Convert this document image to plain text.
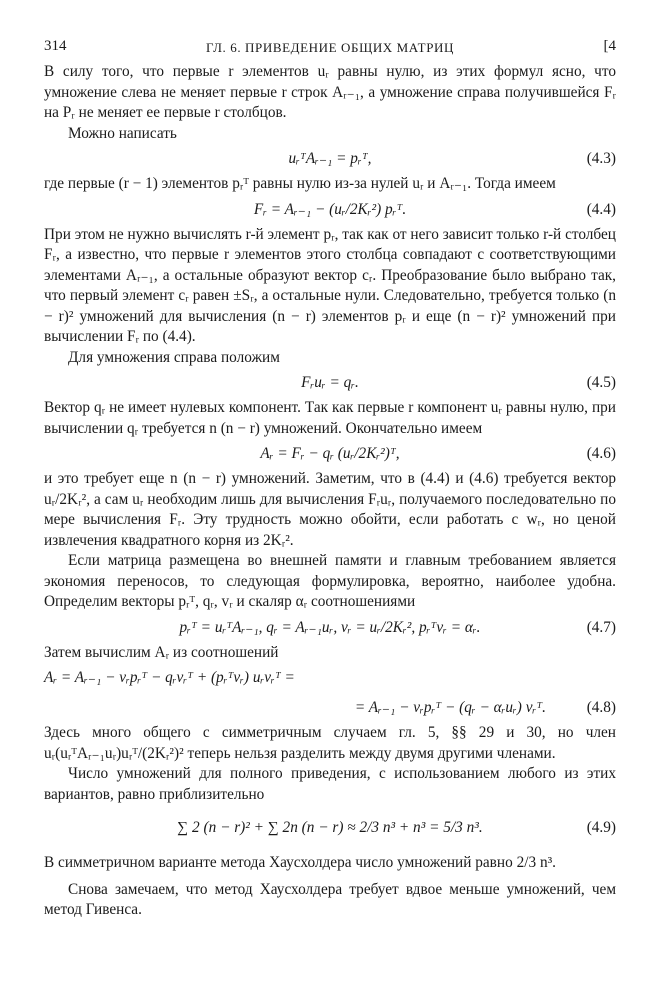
314	ГЛ. 6. ПРИВЕДЕНИЕ ОБЩИХ МАТРИЦ	[4

В силу того, что первые r элементов uᵣ равны нулю, из этих формул ясно, что умножение слева не меняет первые r строк Aᵣ₋₁, а умножение справа получившейся Fᵣ на Pᵣ не меняет ее первые r столбцов.

Можно написать

uᵣᵀAᵣ₋₁ = pᵣᵀ,	(4.3)

где первые (r − 1) элементов pᵣᵀ равны нулю из-за нулей uᵣ и Aᵣ₋₁. Тогда имеем

Fᵣ = Aᵣ₋₁ − (uᵣ/2Kᵣ²) pᵣᵀ.	(4.4)

При этом не нужно вычислять r-й элемент pᵣ, так как от него зависит только r-й столбец Fᵣ, а известно, что первые r элементов этого столбца совпадают с соответствующими элементами Aᵣ₋₁, а остальные образуют вектор cᵣ. Преобразование было выбрано так, что первый элемент cᵣ равен ±Sᵣ, а остальные нули. Следовательно, требуется только (n − r)² умножений для вычисления (n − r) элементов pᵣ и еще (n − r)² умножений при вычислении Fᵣ по (4.4).

Для умножения справа положим

Fᵣuᵣ = qᵣ.	(4.5)

Вектор qᵣ не имеет нулевых компонент. Так как первые r компонент uᵣ равны нулю, при вычислении qᵣ требуется n (n − r) умножений. Окончательно имеем

Aᵣ = Fᵣ − qᵣ (uᵣ/2Kᵣ²)ᵀ,	(4.6)

и это требует еще n (n − r) умножений. Заметим, что в (4.4) и (4.6) требуется вектор uᵣ/2Kᵣ², а сам uᵣ необходим лишь для вычисления Fᵣuᵣ, получаемого последовательно по мере вычисления Fᵣ. Эту трудность можно обойти, если работать с wᵣ, но ценой извлечения квадратного корня из 2Kᵣ².

Если матрица размещена во внешней памяти и главным требованием является экономия переносов, то следующая формулировка, вероятно, наиболее удобна. Определим векторы pᵣᵀ, qᵣ, vᵣ и скаляр αᵣ соотношениями

pᵣᵀ = uᵣᵀAᵣ₋₁, qᵣ = Aᵣ₋₁uᵣ, vᵣ = uᵣ/2Kᵣ², pᵣᵀvᵣ = αᵣ.	(4.7)

Затем вычислим Aᵣ из соотношений

Aᵣ = Aᵣ₋₁ − vᵣpᵣᵀ − qᵣvᵣᵀ + (pᵣᵀvᵣ) uᵣvᵣᵀ =
= Aᵣ₋₁ − vᵣpᵣᵀ − (qᵣ − αᵣuᵣ) vᵣᵀ.	(4.8)

Здесь много общего с симметричным случаем гл. 5, §§ 29 и 30, но член uᵣ(uᵣᵀAᵣ₋₁uᵣ)uᵣᵀ/(2Kᵣ²)² теперь нельзя разделить между двумя другими членами.

Число умножений для полного приведения, с использованием любого из этих вариантов, равно приблизительно

∑ 2 (n − r)² + ∑ 2n (n − r) ≈ 2/3 n³ + n³ = 5/3 n³.	(4.9)

В симметричном варианте метода Хаусхолдера число умножений равно 2/3 n³.

Снова замечаем, что метод Хаусхолдера требует вдвое меньше умножений, чем метод Гивенса.
